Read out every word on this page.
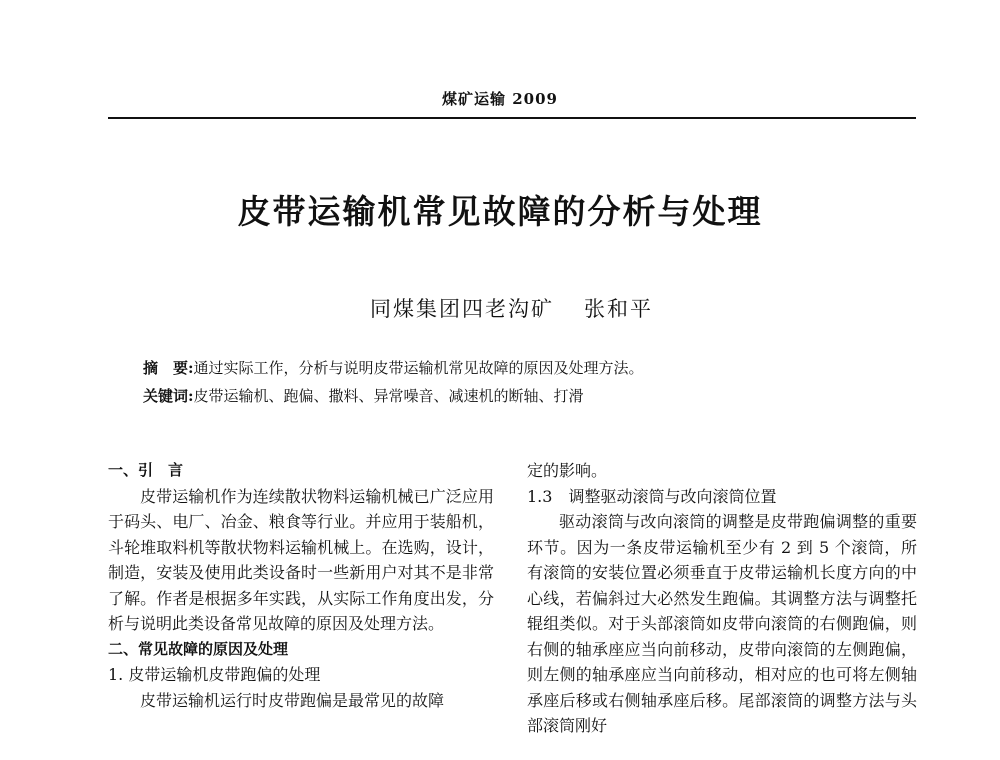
煤矿运输 2009
皮带运输机常见故障的分析与处理
同煤集团四老沟矿 张和平
摘　要:通过实际工作，分析与说明皮带运输机常见故障的原因及处理方法。
关键词:皮带运输机、跑偏、撒料、异常噪音、减速机的断轴、打滑

一、引　言

皮带运输机作为连续散状物料运输机械已广泛应用于码头、电厂、冶金、粮食等行业。并应用于装船机，斗轮堆取料机等散状物料运输机械上。在选购，设计，制造，安装及使用此类设备时一些新用户对其不是非常了解。作者是根据多年实践，从实际工作角度出发，分析与说明此类设备常见故障的原因及处理方法。

二、常见故障的原因及处理

1. 皮带运输机皮带跑偏的处理

皮带运输机运行时皮带跑偏是最常见的故障

定的影响。

1.3　调整驱动滚筒与改向滚筒位置

驱动滚筒与改向滚筒的调整是皮带跑偏调整的重要环节。因为一条皮带运输机至少有 2 到 5 个滚筒，所有滚筒的安装位置必须垂直于皮带运输机长度方向的中心线，若偏斜过大必然发生跑偏。其调整方法与调整托辊组类似。对于头部滚筒如皮带向滚筒的右侧跑偏，则右侧的轴承座应当向前移动，皮带向滚筒的左侧跑偏，则左侧的轴承座应当向前移动，相对应的也可将左侧轴承座后移或右侧轴承座后移。尾部滚筒的调整方法与头部滚筒刚好
